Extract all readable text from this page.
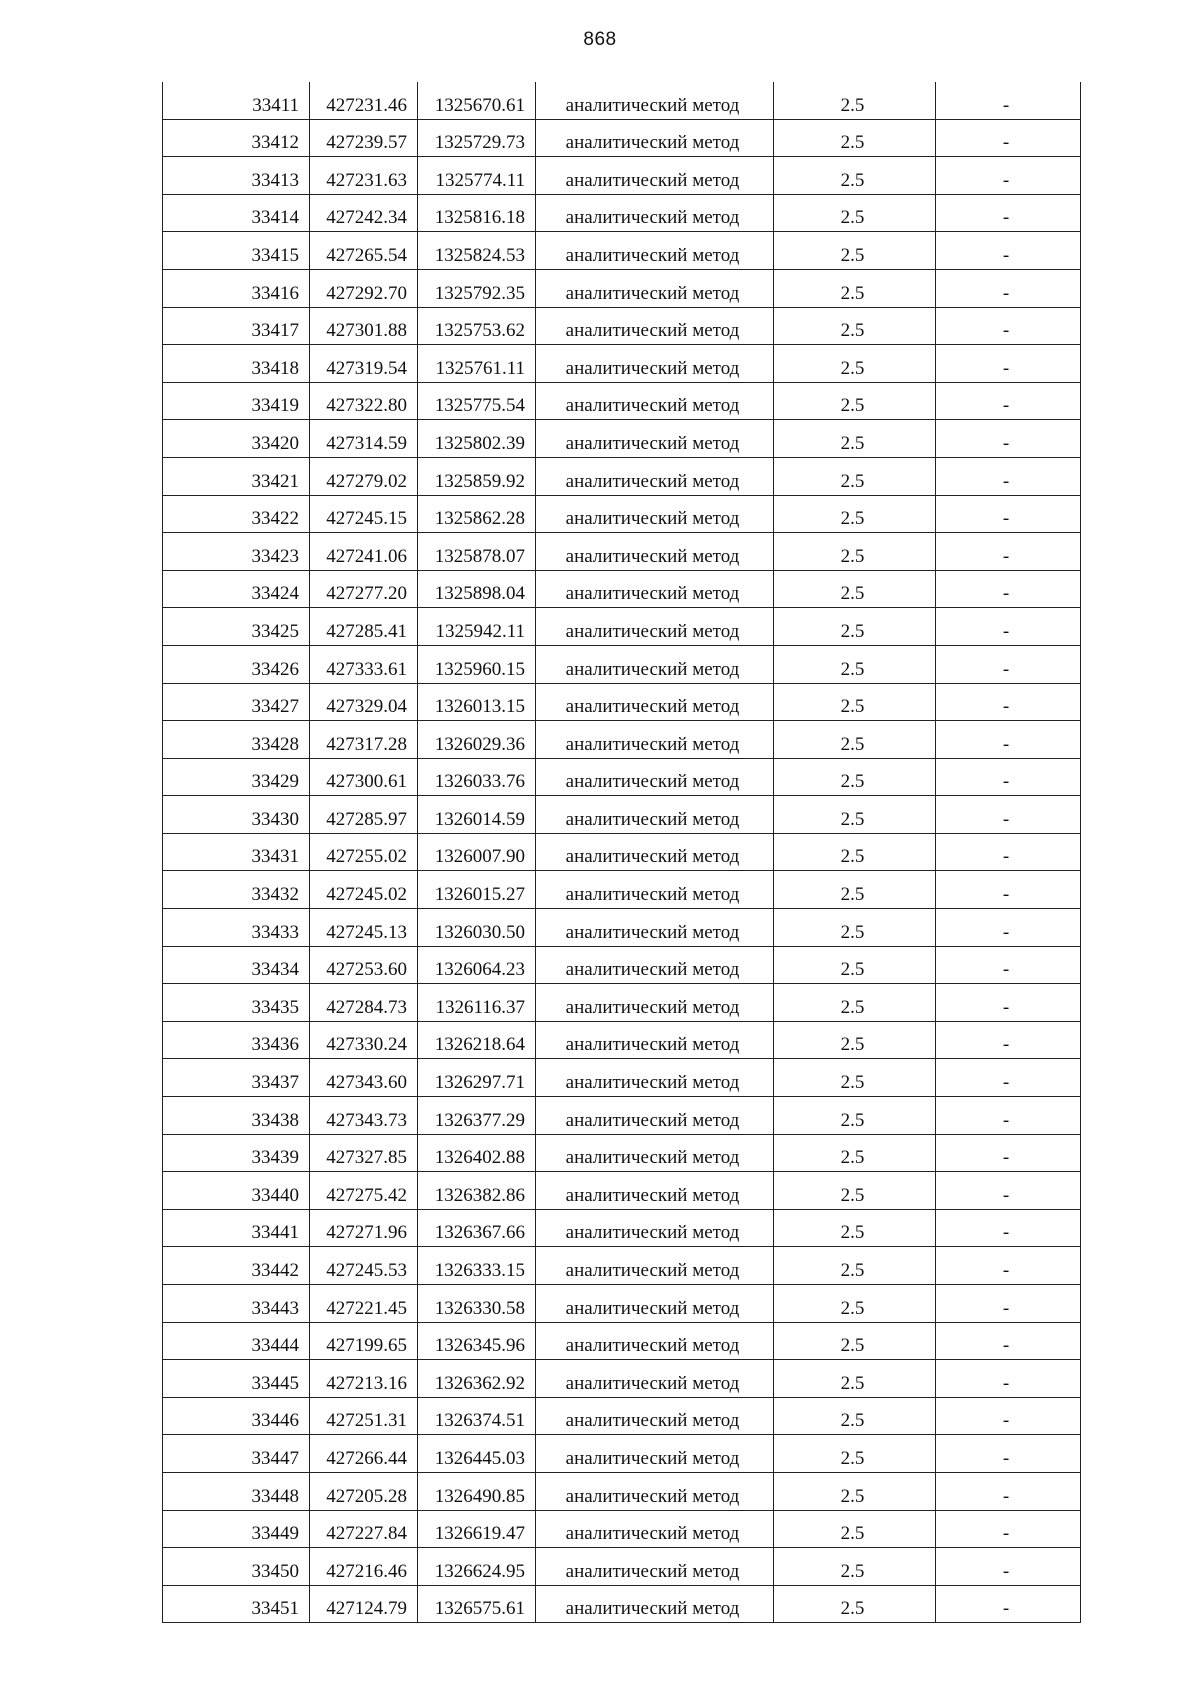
868
33411	427231.46	1325670.61	аналитический метод	2.5	-
33412	427239.57	1325729.73	аналитический метод	2.5	-
33413	427231.63	1325774.11	аналитический метод	2.5	-
33414	427242.34	1325816.18	аналитический метод	2.5	-
33415	427265.54	1325824.53	аналитический метод	2.5	-
33416	427292.70	1325792.35	аналитический метод	2.5	-
33417	427301.88	1325753.62	аналитический метод	2.5	-
33418	427319.54	1325761.11	аналитический метод	2.5	-
33419	427322.80	1325775.54	аналитический метод	2.5	-
33420	427314.59	1325802.39	аналитический метод	2.5	-
33421	427279.02	1325859.92	аналитический метод	2.5	-
33422	427245.15	1325862.28	аналитический метод	2.5	-
33423	427241.06	1325878.07	аналитический метод	2.5	-
33424	427277.20	1325898.04	аналитический метод	2.5	-
33425	427285.41	1325942.11	аналитический метод	2.5	-
33426	427333.61	1325960.15	аналитический метод	2.5	-
33427	427329.04	1326013.15	аналитический метод	2.5	-
33428	427317.28	1326029.36	аналитический метод	2.5	-
33429	427300.61	1326033.76	аналитический метод	2.5	-
33430	427285.97	1326014.59	аналитический метод	2.5	-
33431	427255.02	1326007.90	аналитический метод	2.5	-
33432	427245.02	1326015.27	аналитический метод	2.5	-
33433	427245.13	1326030.50	аналитический метод	2.5	-
33434	427253.60	1326064.23	аналитический метод	2.5	-
33435	427284.73	1326116.37	аналитический метод	2.5	-
33436	427330.24	1326218.64	аналитический метод	2.5	-
33437	427343.60	1326297.71	аналитический метод	2.5	-
33438	427343.73	1326377.29	аналитический метод	2.5	-
33439	427327.85	1326402.88	аналитический метод	2.5	-
33440	427275.42	1326382.86	аналитический метод	2.5	-
33441	427271.96	1326367.66	аналитический метод	2.5	-
33442	427245.53	1326333.15	аналитический метод	2.5	-
33443	427221.45	1326330.58	аналитический метод	2.5	-
33444	427199.65	1326345.96	аналитический метод	2.5	-
33445	427213.16	1326362.92	аналитический метод	2.5	-
33446	427251.31	1326374.51	аналитический метод	2.5	-
33447	427266.44	1326445.03	аналитический метод	2.5	-
33448	427205.28	1326490.85	аналитический метод	2.5	-
33449	427227.84	1326619.47	аналитический метод	2.5	-
33450	427216.46	1326624.95	аналитический метод	2.5	-
33451	427124.79	1326575.61	аналитический метод	2.5	-
